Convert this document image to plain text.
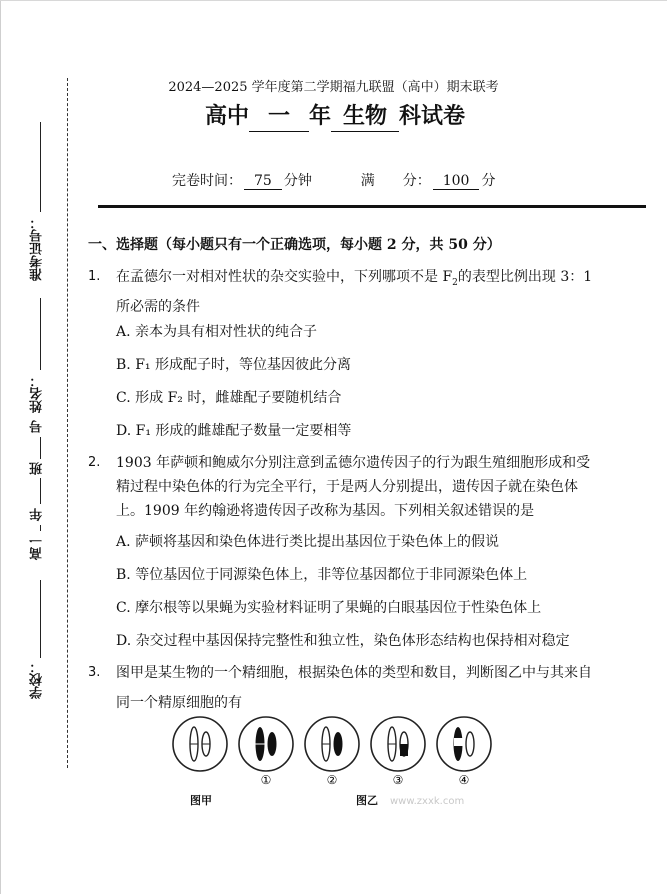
准考证号：
姓名：
号
班
年
高一
学校：
2024—2025 学年度第二学期福九联盟（高中）期末联考
高中 一 年 生物 科试卷
完卷时间： 75 分钟	满　　分： 100 分
一、选择题（每小题只有一个正确选项，每小题 2 分，共 50 分）
1. 在孟德尔一对相对性状的杂交实验中，下列哪项不是 $F_2$的表型比例出现 3：1
所必需的条件
A. 亲本为具有相对性状的纯合子
B. F₁ 形成配子时，等位基因彼此分离
C. 形成 F₂ 时，雌雄配子要随机结合
D. F₁ 形成的雌雄配子数量一定要相等
2. 1903 年萨顿和鲍威尔分别注意到孟德尔遗传因子的行为跟生殖细胞形成和受
精过程中染色体的行为完全平行，于是两人分别提出，遗传因子就在染色体
上。1909 年约翰逊将遗传因子改称为基因。下列相关叙述错误的是
A. 萨顿将基因和染色体进行类比提出基因位于染色体上的假说
B. 等位基因位于同源染色体上，非等位基因都位于非同源染色体上
C. 摩尔根等以果蝇为实验材料证明了果蝇的白眼基因位于性染色体上
D. 杂交过程中基因保持完整性和独立性，染色体形态结构也保持相对稳定
3. 图甲是某生物的一个精细胞，根据染色体的类型和数目，判断图乙中与其来自
同一个精原细胞的有
①	②	③	④
图甲	图乙 www.zxxk.com
